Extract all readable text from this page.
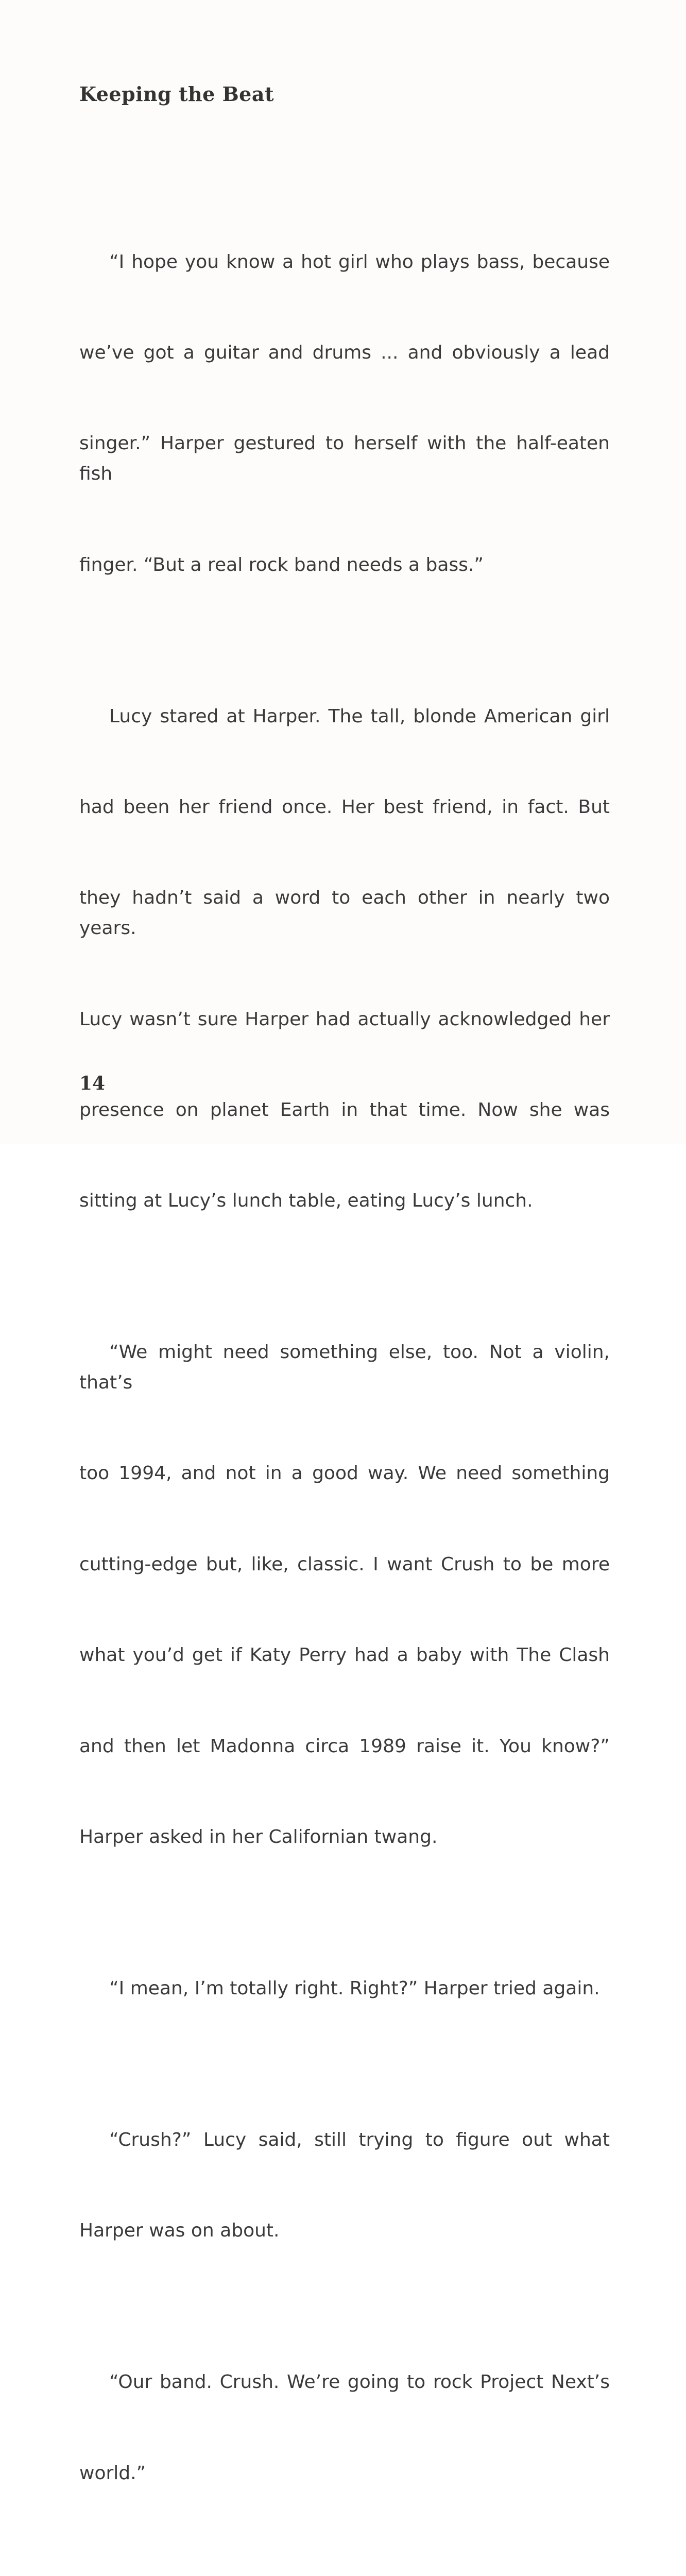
Keeping the Beat

“I hope you know a hot girl who plays bass, because

we’ve got a guitar and drums ... and obviously a lead

singer.” Harper gestured to herself with the half-eaten fish

finger. “But a real rock band needs a bass.”

Lucy stared at Harper. The tall, blonde American girl

had been her friend once. Her best friend, in fact. But

they hadn’t said a word to each other in nearly two years.

Lucy wasn’t sure Harper had actually acknowledged her

presence on planet Earth in that time. Now she was

sitting at Lucy’s lunch table, eating Lucy’s lunch.

“We might need something else, too. Not a violin, that’s

too 1994, and not in a good way. We need something

cutting-edge but, like, classic. I want Crush to be more

what you’d get if Katy Perry had a baby with The Clash

and then let Madonna circa 1989 raise it. You know?”

Harper asked in her Californian twang.

“I mean, I’m totally right. Right?” Harper tried again.

“Crush?” Lucy said, still trying to figure out what

Harper was on about.

“Our band. Crush. We’re going to rock Project Next’s

world.”

14
